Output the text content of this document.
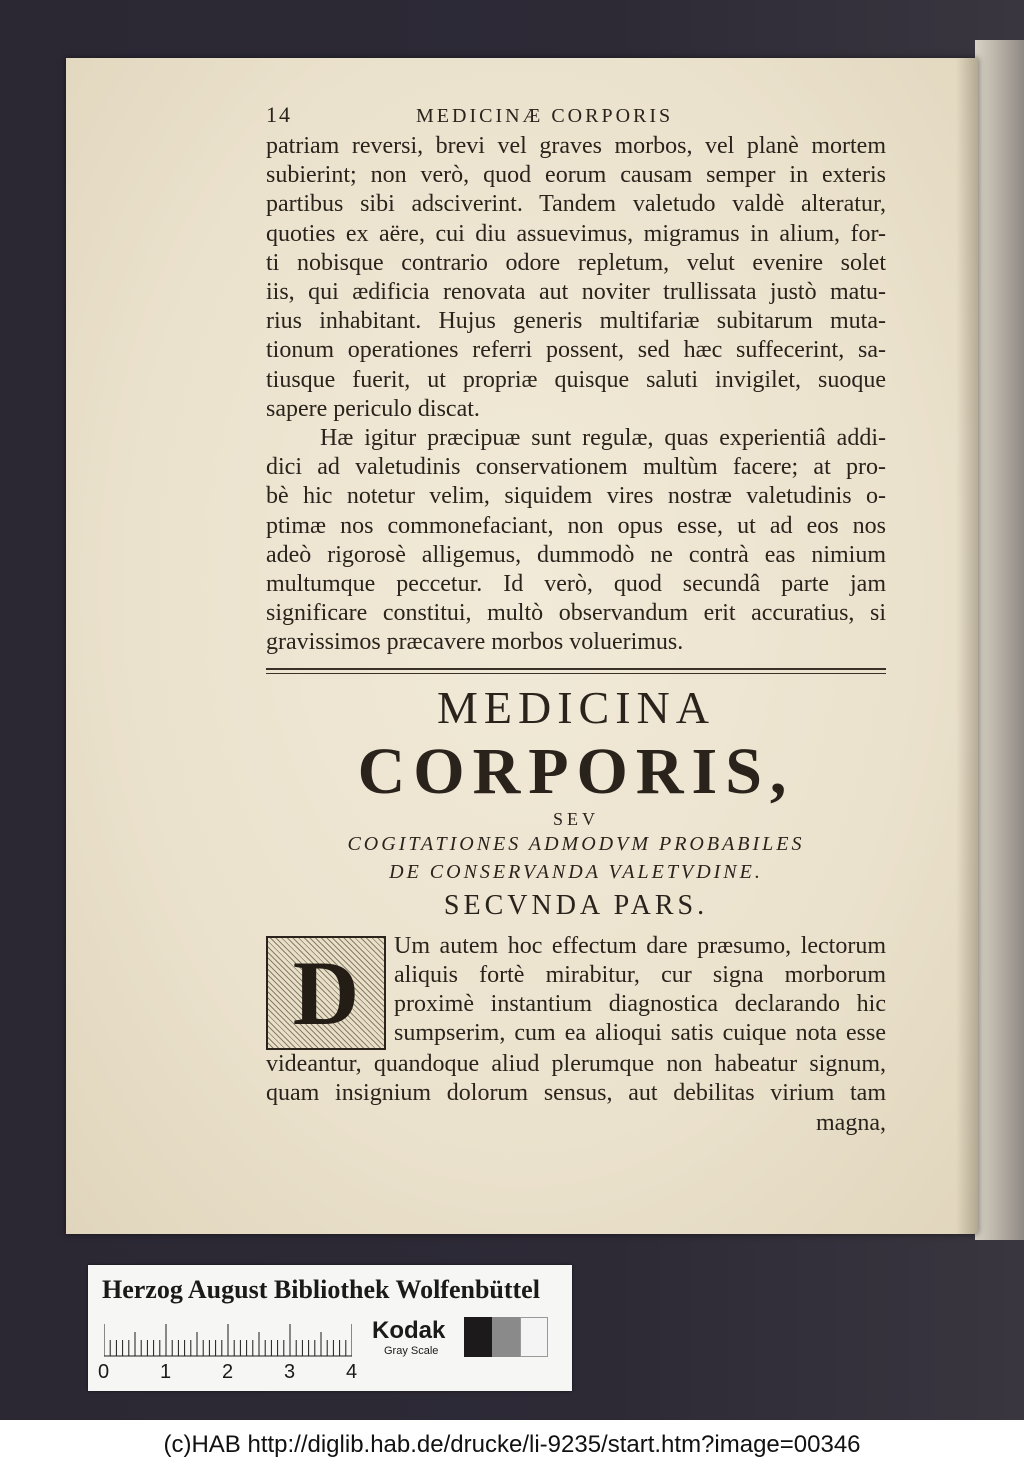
14	MEDICINÆ CORPORIS
patriam reversi, brevi vel graves morbos, vel planè mortem
subierint; non verò, quod eorum causam semper in exteris
partibus sibi adsciverint. Tandem valetudo valdè alteratur,
quoties ex aëre, cui diu assuevimus, migramus in alium, for-
ti nobisque contrario odore repletum, velut evenire solet
iis, qui ædificia renovata aut noviter trullissata justò matu-
rius inhabitant. Hujus generis multifariæ subitarum muta-
tionum operationes referri possent, sed hæc suffecerint, sa-
tiusque fuerit, ut propriæ quisque saluti invigilet, suoque
sapere periculo discat.
Hæ igitur præcipuæ sunt regulæ, quas experientiâ addi-
dici ad valetudinis conservationem multùm facere; at pro-
bè hic notetur velim, siquidem vires nostræ valetudinis o-
ptimæ nos commonefaciant, non opus esse, ut ad eos nos
adeò rigorosè alligemus, dummodò ne contrà eas nimium
multumque peccetur. Id verò, quod secundâ parte jam
significare constitui, multò observandum erit accuratius, si
gravissimos præcavere morbos voluerimus.
MEDICINA
CORPORIS,
SEV
COGITATIONES ADMODVM PROBABILES
DE CONSERVANDA VALETVDINE.
SECVNDA PARS.
D	Um autem hoc effectum dare præsumo, lectorum
aliquis fortè mirabitur, cur signa morborum
proximè instantium diagnostica declarando hic
sumpserim, cum ea alioqui satis cuique nota esse
videantur, quandoque aliud plerumque non habeatur signum,
quam insignium dolorum sensus, aut debilitas virium tam
magna,
Herzog August Bibliothek Wolfenbüttel
0	1	2	3	4
Kodak
Gray Scale
(c)HAB http://diglib.hab.de/drucke/li-9235/start.htm?image=00346
